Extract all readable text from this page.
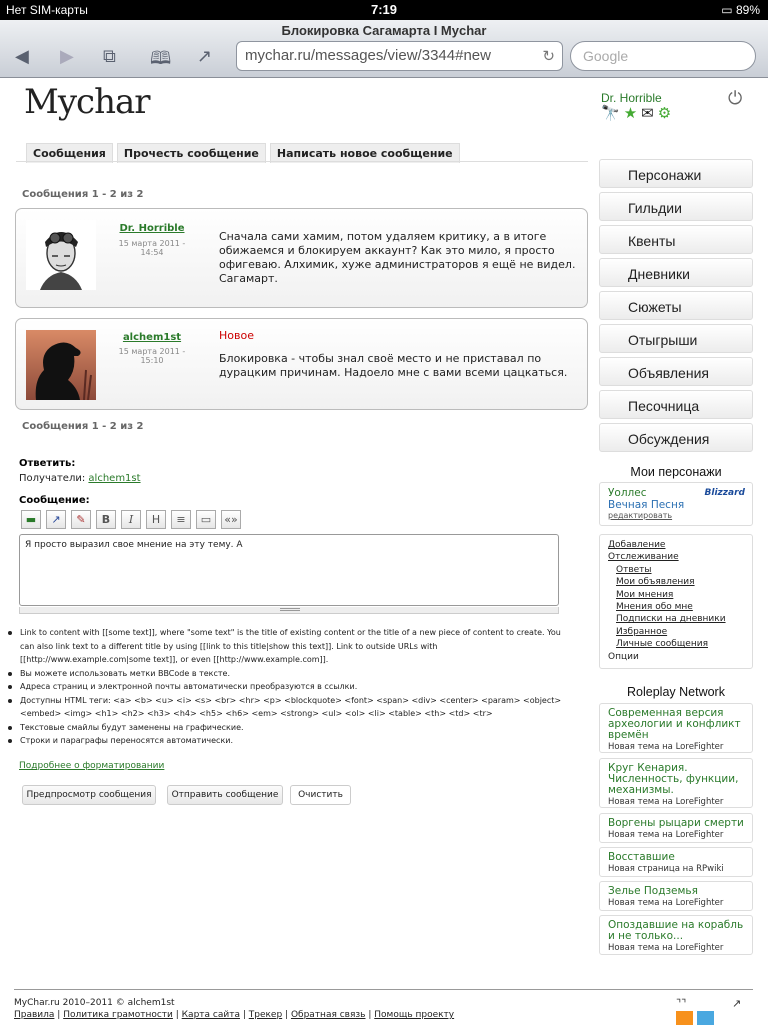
Нет SIM-карты	7:19	▭ 89%
Блокировка Сагамарта I Mychar
◀ ▶ ⧉ 🕮 ↗	mychar.ru/messages/view/3344#new	↻	Google
Mychar	Dr. Horrible
🔭 ★ ✉ ⚙
⏻
Сообщения	Прочесть сообщение	Написать новое сообщение
Сообщения 1 - 2 из 2
Dr. Horrible
15 марта 2011 - 14:54
Сначала сами хамим, потом удаляем критику, а в итоге обижаемся и блокируем аккаунт? Как это мило, я просто офигеваю. Алхимик, хуже администраторов я ещё не видел. Сагамарт.
alchem1st
15 марта 2011 - 15:10
Новое
Блокировка - чтобы знал своё место и не приставал по дурацким причинам. Надоело мне с вами всеми цацкаться.
Сообщения 1 - 2 из 2
Ответить:
Получатели: alchem1st
Сообщение:
▬	↗	✎	B	I	H	≡	▭	«»
Я просто выразил свое мнение на эту тему. А
Link to content with [[some text]], where "some text" is the title of existing content or the title of a new piece of content to create. You can also link text to a different title by using [[link to this title|show this text]]. Link to outside URLs with [[http://www.example.com|some text]], or even [[http://www.example.com]].
Вы можете использовать метки BBCode в тексте.
Адреса страниц и электронной почты автоматически преобразуются в ссылки.
Доступны HTML теги: <a> <b> <u> <i> <s> <br> <hr> <p> <blockquote> <font> <span> <div> <center> <param> <object> <embed> <img> <h1> <h2> <h3> <h4> <h5> <h6> <em> <strong> <ul> <ol> <li> <table> <th> <td> <tr>
Текстовые смайлы будут заменены на графические.
Строки и параграфы переносятся автоматически.
Подробнее о форматировании
Предпросмотр сообщения	Отправить сообщение	Очистить
Персонажи
Гильдии
Квенты
Дневники
Сюжеты
Отыгрыши
Объявления
Песочница
Обсуждения
Мои персонажи
Уоллес
Вечная Песня
редактировать
Blizzard
Добавление
Отслеживание
Ответы
Мои объявления
Мои мнения
Мнения обо мне
Подписки на дневники
Избранное
Личные сообщения
Опции
Roleplay Network
Современная версия археологии и конфликт времён
Новая тема на LoreFighter
Круг Кенария. Численность, функции, механизмы.
Новая тема на LoreFighter
Воргены рыцари смерти
Новая тема на LoreFighter
Восставшие
Новая страница на RPwiki
Зелье Подземья
Новая тема на LoreFighter
Опоздавшие на корабль и не только...
Новая тема на LoreFighter
MyChar.ru 2010–2011 © alchem1st
Правила | Политика грамотности | Карта сайта | Трекер | Обратная связь | Помощь проекту
⌝⌝	↗
